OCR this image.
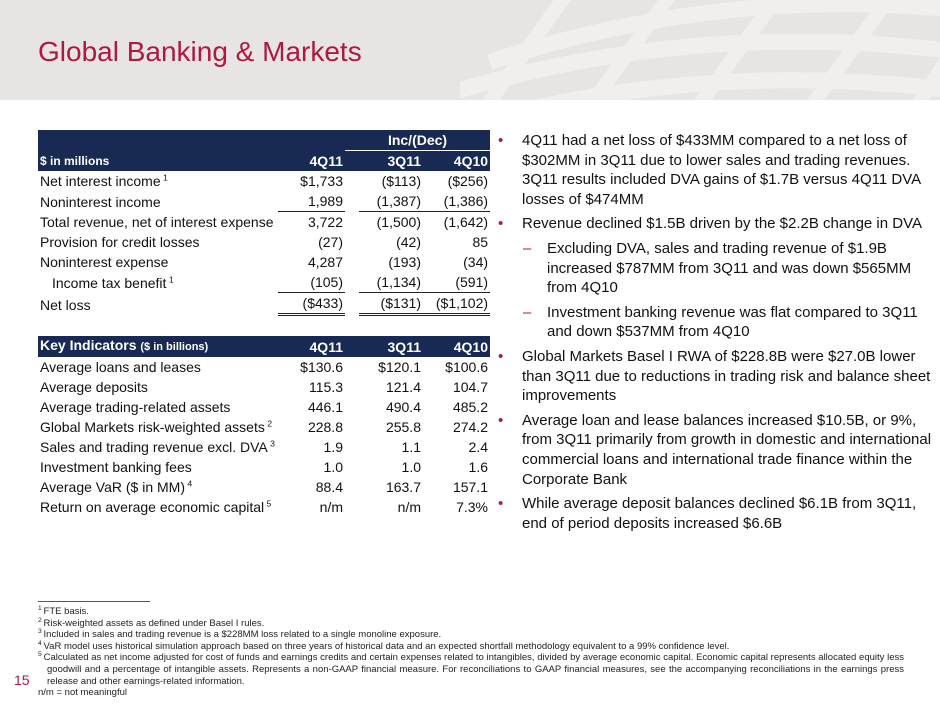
Global Banking & Markets
		Inc/(Dec)		
$ in millions	4Q11		3Q11	4Q10
Net interest income $^1$	$1,733		($113)	($256)
Noninterest income	1,989		(1,387)	(1,386)
Total revenue, net of interest expense	3,722		(1,500)	(1,642)
Provision for credit losses	(27)		(42)	85
Noninterest expense	4,287		(193)	(34)
Income tax benefit $^1$	(105)		(1,134)	(591)
Net loss	($433)		($131)	($1,102)
Key Indicators ($ in billions)	4Q11		3Q11	4Q10
Average loans and leases	$130.6		$120.1	$100.6
Average deposits	115.3		121.4	104.7
Average trading-related assets	446.1		490.4	485.2
Global Markets risk-weighted assets $^2$	228.8		255.8	274.2
Sales and trading revenue excl. DVA $^3$	1.9		1.1	2.4
Investment banking fees	1.0		1.0	1.6
Average VaR ($ in MM) $^4$	88.4		163.7	157.1
Return on average economic capital $^5$	n/m		n/m	7.3%
• 4Q11 had a net loss of $433MM compared to a net loss of $302MM in 3Q11 due to lower sales and trading revenues. 3Q11 results included DVA gains of $1.7B versus 4Q11 DVA losses of $474MM
• Revenue declined $1.5B driven by the $2.2B change in DVA
– Excluding DVA, sales and trading revenue of $1.9B increased $787MM from 3Q11 and was down $565MM from 4Q10
– Investment banking revenue was flat compared to 3Q11 and down $537MM from 4Q10
• Global Markets Basel I RWA of $228.8B were $27.0B lower than 3Q11 due to reductions in trading risk and balance sheet improvements
• Average loan and lease balances increased $10.5B, or 9%, from 3Q11 primarily from growth in domestic and international commercial loans and international trade finance within the Corporate Bank
• While average deposit balances declined $6.1B from 3Q11, end of period deposits increased $6.6B
$^1$ FTE basis.
$^2$ Risk-weighted assets as defined under Basel I rules.
$^3$ Included in sales and trading revenue is a $228MM loss related to a single monoline exposure.
$^4$ VaR model uses historical simulation approach based on three years of historical data and an expected shortfall methodology equivalent to a 99% confidence level.
$^5$ Calculated as net income adjusted for cost of funds and earnings credits and certain expenses related to intangibles, divided by average economic capital. Economic capital represents allocated equity less goodwill and a percentage of intangible assets. Represents a non-GAAP financial measure. For reconciliations to GAAP financial measures, see the accompanying reconciliations in the earnings press release and other earnings-related information.
n/m = not meaningful
15
